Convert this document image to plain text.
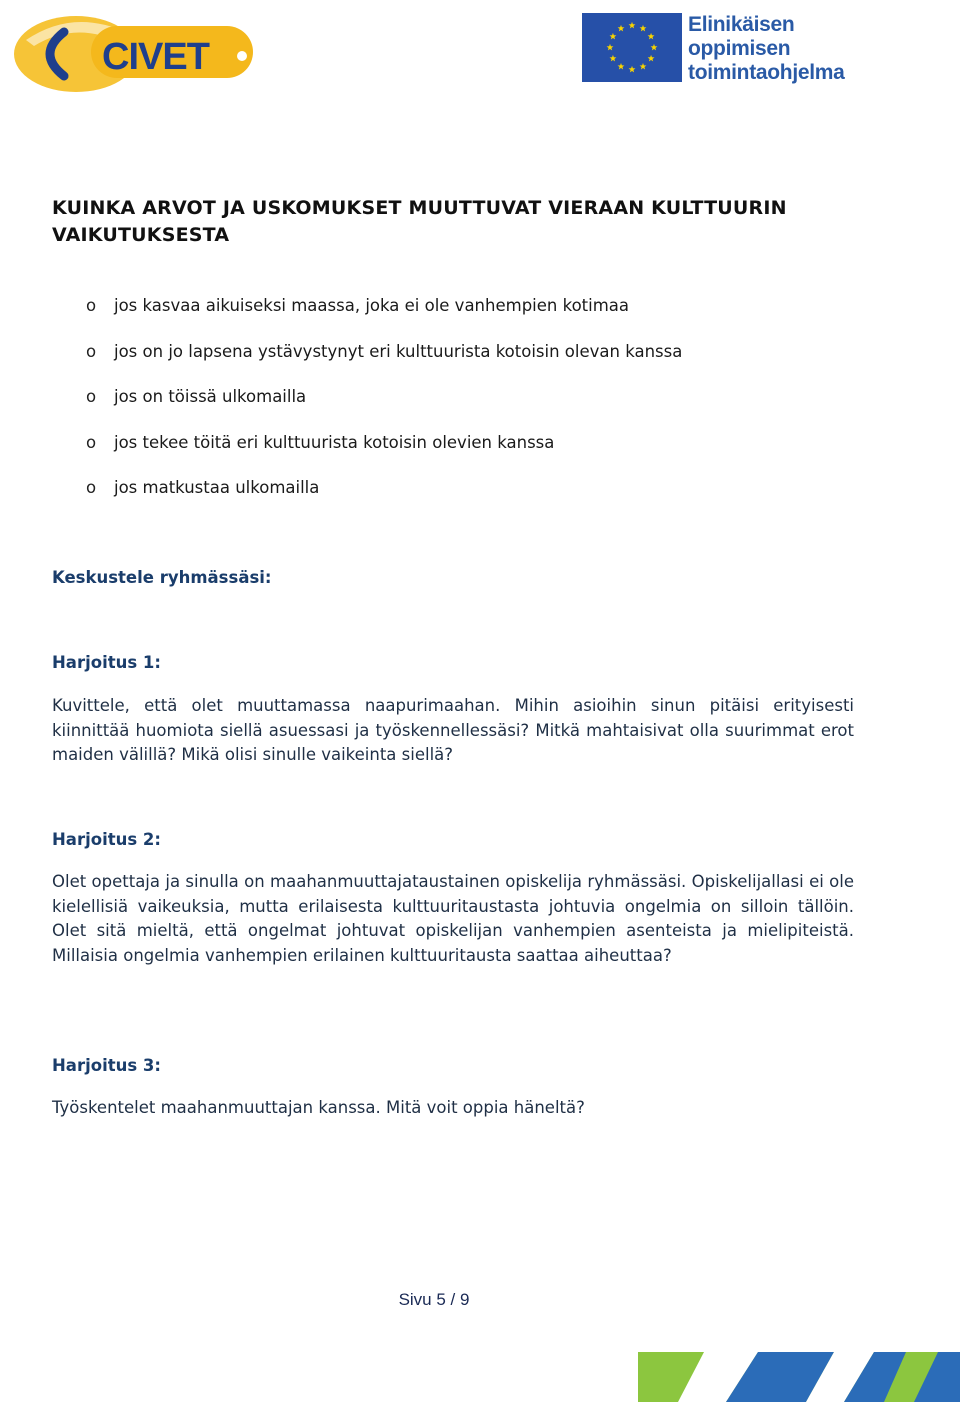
CIVET
Elinikäisen
oppimisen
toimintaohjelma
KUINKA ARVOT JA USKOMUKSET MUUTTUVAT VIERAAN KULTTUURIN VAIKUTUKSESTA
o jos kasvaa aikuiseksi maassa, joka ei ole vanhempien kotimaa
o jos on jo lapsena ystävystynyt eri kulttuurista kotoisin olevan kanssa
o jos on töissä ulkomailla
o jos tekee töitä eri kulttuurista kotoisin olevien kanssa
o jos matkustaa ulkomailla
Keskustele ryhmässäsi:
Harjoitus 1:

Kuvittele, että olet muuttamassa naapurimaahan. Mihin asioihin sinun pitäisi erityisesti kiinnittää huomiota siellä asuessasi ja työskennellessäsi? Mitkä mahtaisivat olla suurimmat erot maiden välillä? Mikä olisi sinulle vaikeinta siellä?

Harjoitus 2:

Olet opettaja ja sinulla on maahanmuuttajataustainen opiskelija ryhmässäsi. Opiskelijallasi ei ole kielellisiä vaikeuksia, mutta erilaisesta kulttuuritaustasta johtuvia ongelmia on silloin tällöin. Olet sitä mieltä, että ongelmat johtuvat opiskelijan vanhempien asenteista ja mielipiteistä. Millaisia ongelmia vanhempien erilainen kulttuuritausta saattaa aiheuttaa?

Harjoitus 3:

Työskentelet maahanmuuttajan kanssa. Mitä voit oppia häneltä?

Sivu 5 / 9
